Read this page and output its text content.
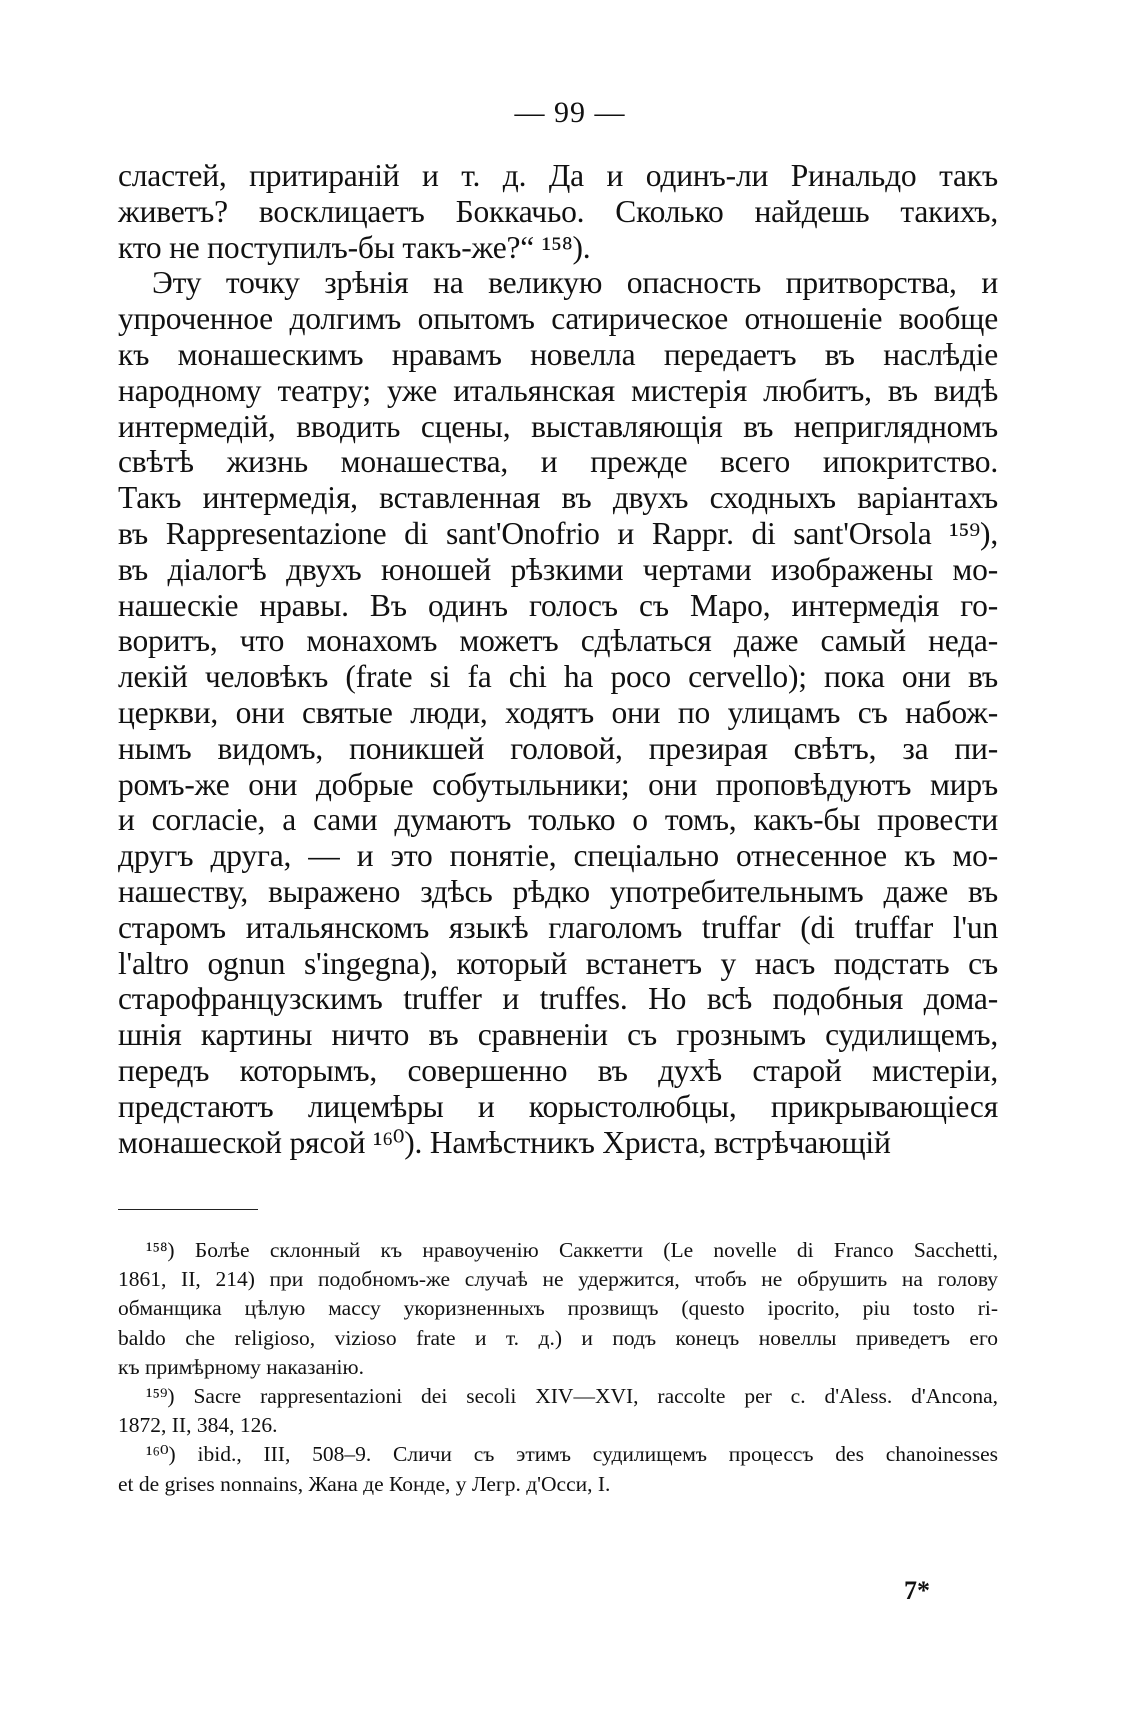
— 99 —
сластей, притираній и т. д. Да и одинъ-ли Ринальдо такъ
живетъ? восклицаетъ Боккачьо. Сколько найдешь такихъ,
кто не поступилъ-бы такъ-же?“ ¹⁵⁸).
Эту точку зрѣнія на великую опасность притворства, и
упроченное долгимъ опытомъ сатирическое отношеніе вообще
къ монашескимъ нравамъ новелла передаетъ въ наслѣдіе
народному театру; уже итальянская мистерія любитъ, въ видѣ
интермедій, вводить сцены, выставляющія въ непригляднoмъ
свѣтѣ жизнь монашества, и прежде всего ипокритство.
Такъ интермедія, вставленная въ двухъ сходныхъ варіантахъ
въ Rappresentazione di sant'Onofrio и Rappr. di sant'Orsola ¹⁵⁹),
въ діалогѣ двухъ юношей рѣзкими чертами изображены мо-
нашескіе нравы. Въ одинъ голосъ съ Маро, интермедія го-
воритъ, что монахомъ можетъ сдѣлаться даже самый неда-
лекій человѣкъ (frate si fa chi ha poco cervello); пока они въ
церкви, они святые люди, ходятъ они по улицамъ съ набож-
нымъ видомъ, поникшей головой, презирая свѣтъ, за пи-
ромъ-же они добрые собутыльники; они проповѣдуютъ миръ
и согласіе, а сами думаютъ только о томъ, какъ-бы провести
другъ друга, — и это понятіе, спеціально отнесенное къ мо-
нашеству, выражено здѣсь рѣдко употребительнымъ даже въ
старомъ итальянскомъ языкѣ глаголомъ truffar (di truffar l'un
l'altro ognun s'ingegna), который встанетъ у насъ подстать съ
старофранцузскимъ truffer и truffes. Но всѣ подобныя дома-
шнія картины ничто въ сравненіи съ грознымъ судилищемъ,
передъ которымъ, совершенно въ духѣ старой мистеріи,
предстаютъ лицемѣры и корыстолюбцы, прикрывающіеся
монашеской рясой ¹⁶⁰). Намѣстникъ Христа, встрѣчающій
¹⁵⁸) Болѣе склонный къ нравоученію Саккетти (Le novelle di Franco Sacchetti,
1861, II, 214) при подобномъ-же случаѣ не удержится, чтобъ не обрушить на голову
обманщика цѣлую массу укоризненныхъ прозвищъ (questo ipocrito, piu tosto ri-
baldo che religioso, vizioso frate и т. д.) и подъ конецъ новеллы приведетъ его
къ примѣрному наказанію.
¹⁵⁹) Sacre rappresentazioni dei secoli XIV—XVI, raccolte per c. d'Aless. d'Ancona,
1872, II, 384, 126.
¹⁶⁰) ibid., III, 508–9. Сличи съ этимъ судилищемъ процессъ des chanoinesses
et de grises nonnains, Жана де Конде, у Легр. д'Осси, I.
7*
